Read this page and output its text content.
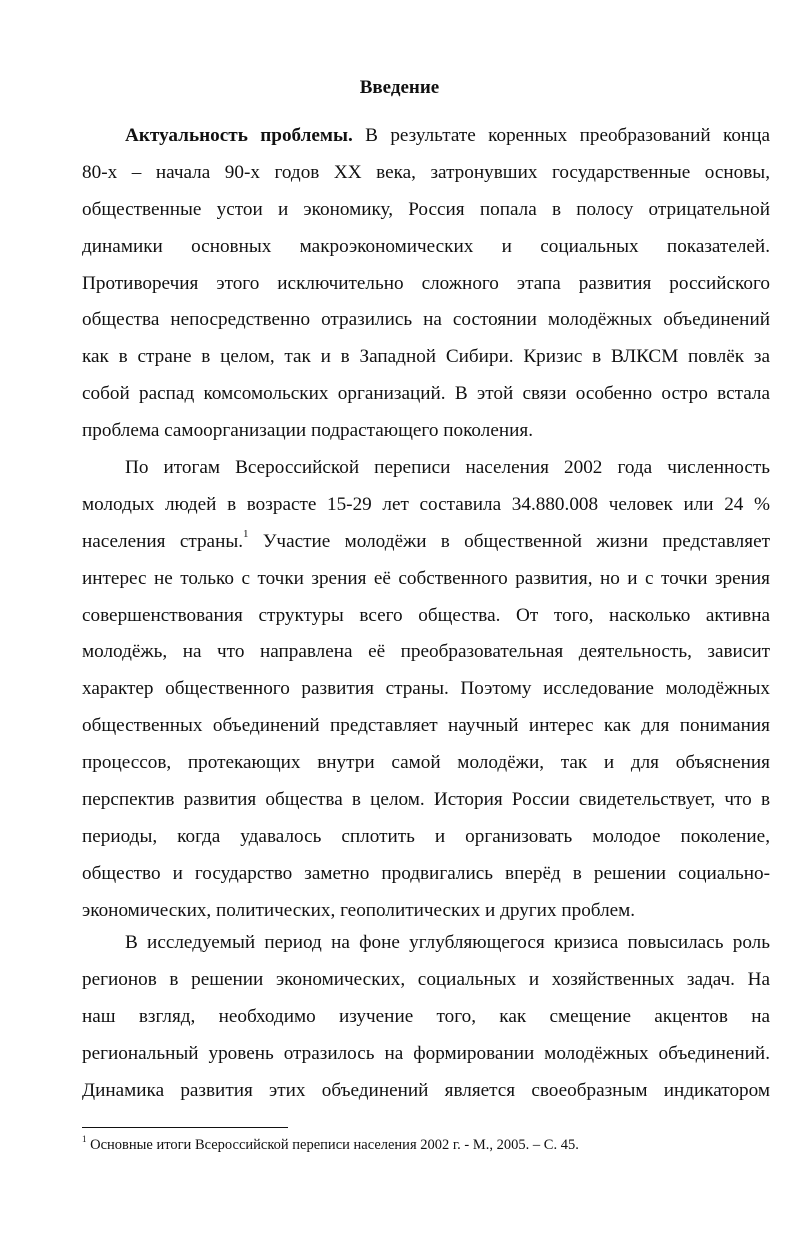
Введение
Актуальность проблемы. В результате коренных преобразований конца
80-х – начала 90-х годов XX века, затронувших государственные основы,
общественные устои и экономику, Россия попала в полосу отрицательной
динамики основных макроэкономических и социальных показателей.
Противоречия этого исключительно сложного этапа развития российского
общества непосредственно отразились на состоянии молодёжных объединений
как в стране в целом, так и в Западной Сибири. Кризис в ВЛКСМ повлёк за
собой распад комсомольских организаций. В этой связи особенно остро встала
проблема самоорганизации подрастающего поколения.
По итогам Всероссийской переписи населения 2002 года численность
молодых людей в возрасте 15-29 лет составила 34.880.008 человек или 24 %
населения страны.$^1$ Участие молодёжи в общественной жизни представляет
интерес не только с точки зрения её собственного развития, но и с точки зрения
совершенствования структуры всего общества. От того, насколько активна
молодёжь, на что направлена её преобразовательная деятельность, зависит
характер общественного развития страны. Поэтому исследование молодёжных
общественных объединений представляет научный интерес как для понимания
процессов, протекающих внутри самой молодёжи, так и для объяснения
перспектив развития общества в целом. История России свидетельствует, что в
периоды, когда удавалось сплотить и организовать молодое поколение,
общество и государство заметно продвигались вперёд в решении социально-
экономических, политических, геополитических и других проблем.
В исследуемый период на фоне углубляющегося кризиса повысилась роль
регионов в решении экономических, социальных и хозяйственных задач. На
наш взгляд, необходимо изучение того, как смещение акцентов на
региональный уровень отразилось на формировании молодёжных объединений.
Динамика развития этих объединений является своеобразным индикатором
$^1$ Основные итоги Всероссийской переписи населения 2002 г. - М., 2005. – С. 45.
